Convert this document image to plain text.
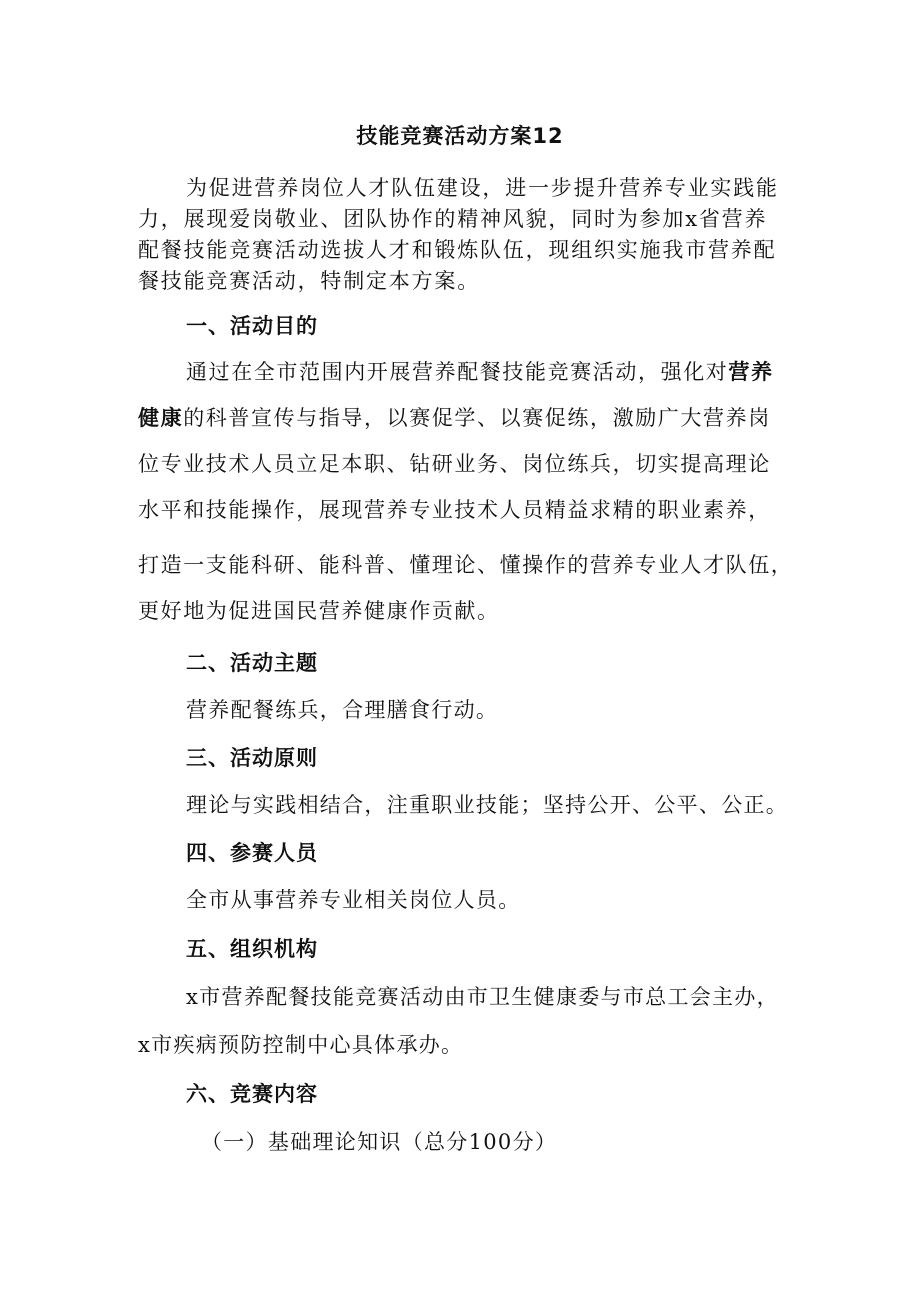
技能竞赛活动方案12
为促进营养岗位人才队伍建设，进一步提升营养专业实践能
力，展现爱岗敬业、团队协作的精神风貌，同时为参加x省营养
配餐技能竞赛活动选拔人才和锻炼队伍，现组织实施我市营养配
餐技能竞赛活动，特制定本方案。
一、活动目的
通过在全市范围内开展营养配餐技能竞赛活动，强化对营养
健康的科普宣传与指导，以赛促学、以赛促练，激励广大营养岗
位专业技术人员立足本职、钻研业务、岗位练兵，切实提高理论
水平和技能操作，展现营养专业技术人员精益求精的职业素养，
打造一支能科研、能科普、懂理论、懂操作的营养专业人才队伍，
更好地为促进国民营养健康作贡献。
二、活动主题
营养配餐练兵，合理膳食行动。
三、活动原则
理论与实践相结合，注重职业技能；坚持公开、公平、公正。
四、参赛人员
全市从事营养专业相关岗位人员。
五、组织机构
x市营养配餐技能竞赛活动由市卫生健康委与市总工会主办，
x市疾病预防控制中心具体承办。
六、竞赛内容
（一）基础理论知识（总分100分）
